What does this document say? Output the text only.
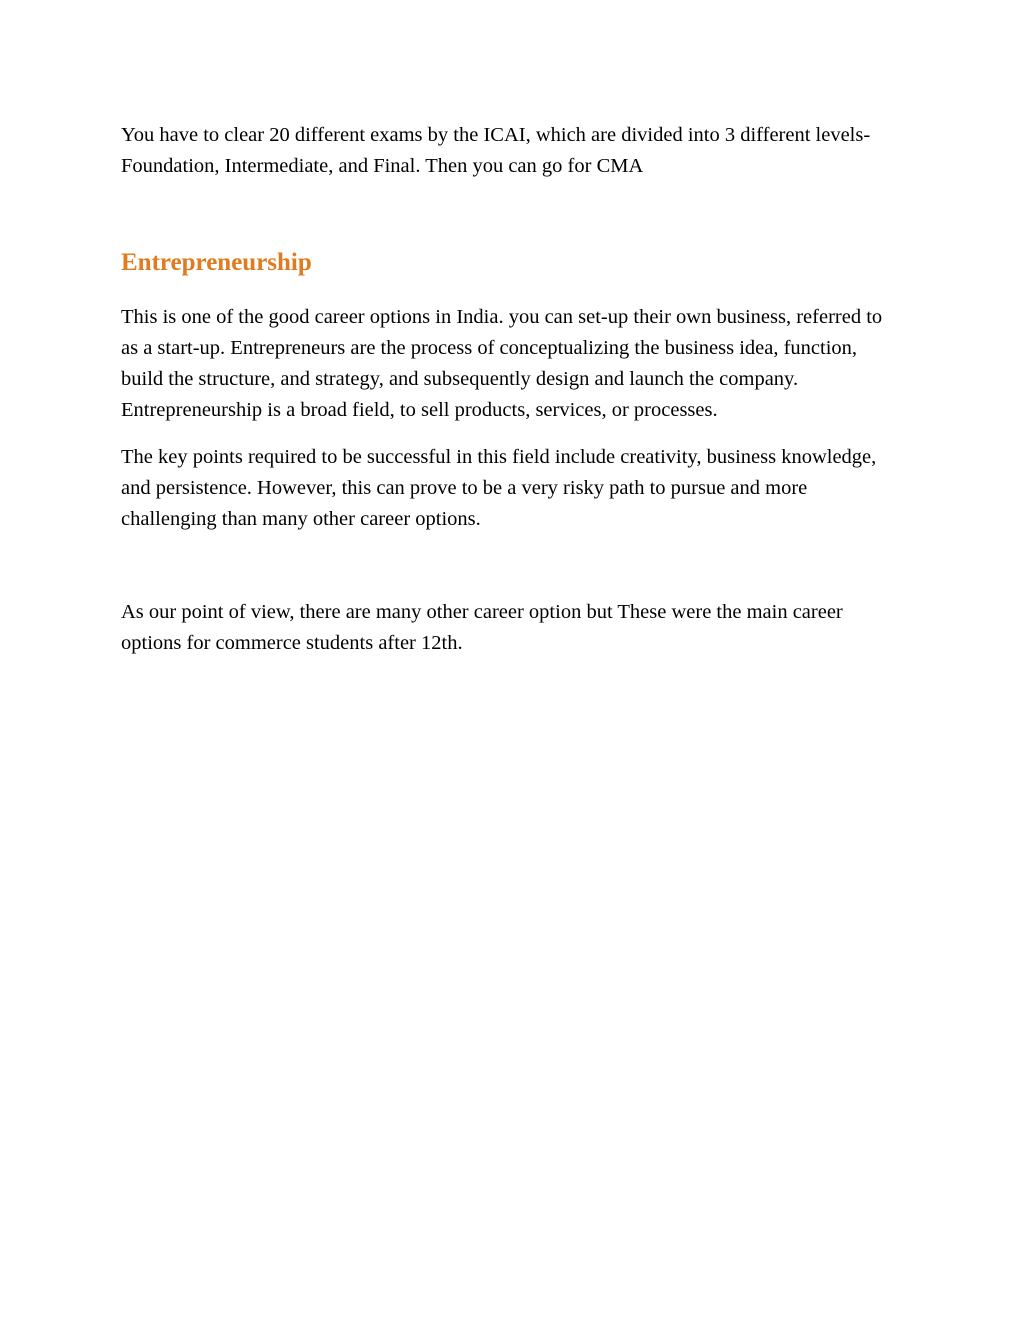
You have to clear 20 different exams by the ICAI, which are divided into 3 different levels- Foundation, Intermediate, and Final. Then you can go for CMA

Entrepreneurship

This is one of the good career options in India. you can set-up their own business, referred to as a start-up. Entrepreneurs are the process of conceptualizing the business idea, function, build the structure, and strategy, and subsequently design and launch the company. Entrepreneurship is a broad field, to sell products, services, or processes.

The key points required to be successful in this field include creativity, business knowledge, and persistence. However, this can prove to be a very risky path to pursue and more challenging than many other career options.

As our point of view, there are many other career option but These were the main career options for commerce students after 12th.
